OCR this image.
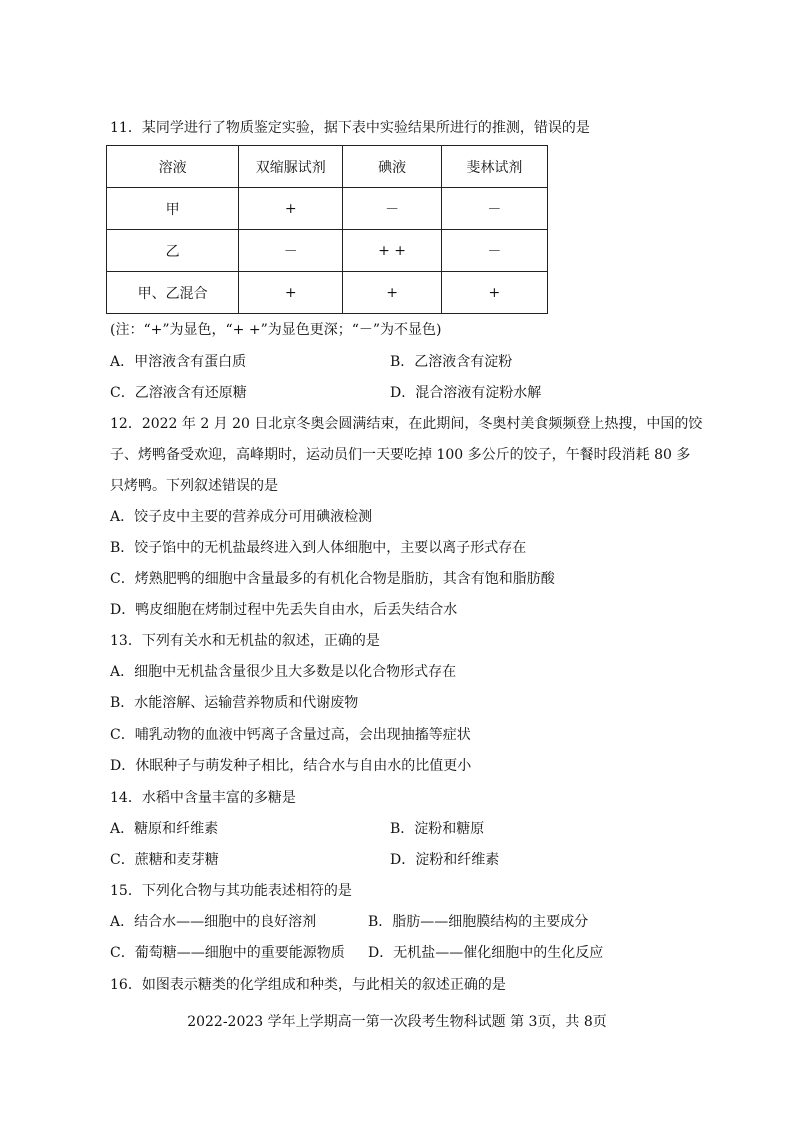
11．某同学进行了物质鉴定实验，据下表中实验结果所进行的推测，错误的是
溶液	双缩脲试剂	碘液	斐林试剂
甲	+	－	－
乙	－	+ +	－
甲、乙混合	+	+	+
(注：“+”为显色，“+ +”为显色更深；“－”为不显色)
A．甲溶液含有蛋白质	B．乙溶液含有淀粉
C．乙溶液含有还原糖	D．混合溶液有淀粉水解
12．2022 年 2 月 20 日北京冬奥会圆满结束，在此期间，冬奥村美食频频登上热搜，中国的饺
子、烤鸭备受欢迎，高峰期时，运动员们一天要吃掉 100 多公斤的饺子，午餐时段消耗 80 多
只烤鸭。下列叙述错误的是
A．饺子皮中主要的营养成分可用碘液检测
B．饺子馅中的无机盐最终进入到人体细胞中，主要以离子形式存在
C．烤熟肥鸭的细胞中含量最多的有机化合物是脂肪，其含有饱和脂肪酸
D．鸭皮细胞在烤制过程中先丢失自由水，后丢失结合水
13．下列有关水和无机盐的叙述，正确的是
A．细胞中无机盐含量很少且大多数是以化合物形式存在
B．水能溶解、运输营养物质和代谢废物
C．哺乳动物的血液中钙离子含量过高，会出现抽搐等症状
D．休眠种子与萌发种子相比，结合水与自由水的比值更小
14．水稻中含量丰富的多糖是
A．糖原和纤维素	B．淀粉和糖原
C．蔗糖和麦芽糖	D．淀粉和纤维素
15．下列化合物与其功能表述相符的是
A．结合水——细胞中的良好溶剂	B．脂肪——细胞膜结构的主要成分
C．葡萄糖——细胞中的重要能源物质 D．无机盐——催化细胞中的生化反应
16．如图表示糖类的化学组成和种类，与此相关的叙述正确的是
2022-2023 学年上学期高一第一次段考生物科试题 第 3页，共 8页
